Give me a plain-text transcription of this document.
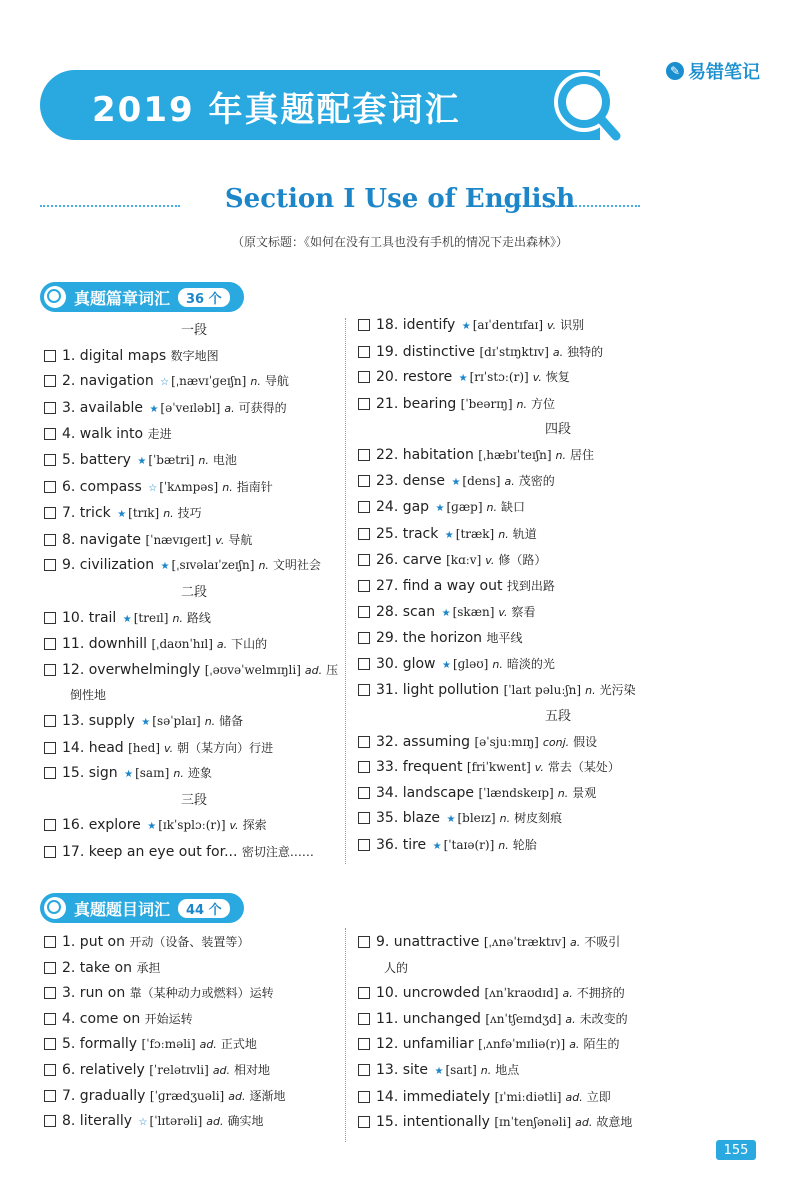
2019 年真题配套词汇
✎ 易错笔记
Section Ⅰ Use of English
（原文标题：《如何在没有工具也没有手机的情况下走出森林》）
真题篇章词汇	36 个
真题题目词汇	44 个
一段
1. digital maps 数字地图
2. navigation ☆ [ˌnævɪˈɡeɪʃn] n. 导航
3. available ★ [əˈveɪləbl] a. 可获得的
4. walk into 走进
5. battery ★ [ˈbætri] n. 电池
6. compass ☆ [ˈkʌmpəs] n. 指南针
7. trick ★ [trɪk] n. 技巧
8. navigate [ˈnævɪɡeɪt] v. 导航
9. civilization ★ [ˌsɪvəlaɪˈzeɪʃn] n. 文明社会
二段
10. trail ★ [treɪl] n. 路线
11. downhill [ˌdaʊnˈhɪl] a. 下山的
12. overwhelmingly [ˌəʊvəˈwelmɪŋli] ad. 压
倒性地
13. supply ★ [səˈplaɪ] n. 储备
14. head [hed] v. 朝（某方向）行进
15. sign ★ [saɪn] n. 迹象
三段
16. explore ★ [ɪkˈsplɔː(r)] v. 探索
17. keep an eye out for... 密切注意……
18. identify ★ [aɪˈdentɪfaɪ] v. 识别
19. distinctive [dɪˈstɪŋktɪv] a. 独特的
20. restore ★ [rɪˈstɔː(r)] v. 恢复
21. bearing [ˈbeərɪŋ] n. 方位
四段
22. habitation [ˌhæbɪˈteɪʃn] n. 居住
23. dense ★ [dens] a. 茂密的
24. gap ★ [ɡæp] n. 缺口
25. track ★ [træk] n. 轨道
26. carve [kɑːv] v. 修（路）
27. find a way out 找到出路
28. scan ★ [skæn] v. 察看
29. the horizon 地平线
30. glow ★ [ɡləʊ] n. 暗淡的光
31. light pollution [ˈlaɪt pəluːʃn] n. 光污染
五段
32. assuming [əˈsjuːmɪŋ] conj. 假设
33. frequent [friˈkwent] v. 常去（某处）
34. landscape [ˈlændskeɪp] n. 景观
35. blaze ★ [bleɪz] n. 树皮刻痕
36. tire ★ [ˈtaɪə(r)] n. 轮胎
1. put on 开动（设备、装置等）
2. take on 承担
3. run on 靠（某种动力或燃料）运转
4. come on 开始运转
5. formally [ˈfɔːməli] ad. 正式地
6. relatively [ˈrelətɪvli] ad. 相对地
7. gradually [ˈɡrædʒuəli] ad. 逐渐地
8. literally ☆ [ˈlɪtərəli] ad. 确实地
9. unattractive [ˌʌnəˈtræktɪv] a. 不吸引
人的
10. uncrowded [ʌnˈkraʊdɪd] a. 不拥挤的
11. unchanged [ʌnˈtʃeɪndʒd] a. 未改变的
12. unfamiliar [ˌʌnfəˈmɪliə(r)] a. 陌生的
13. site ★ [saɪt] n. 地点
14. immediately [ɪˈmiːdiətli] ad. 立即
15. intentionally [ɪnˈtenʃənəli] ad. 故意地
155
